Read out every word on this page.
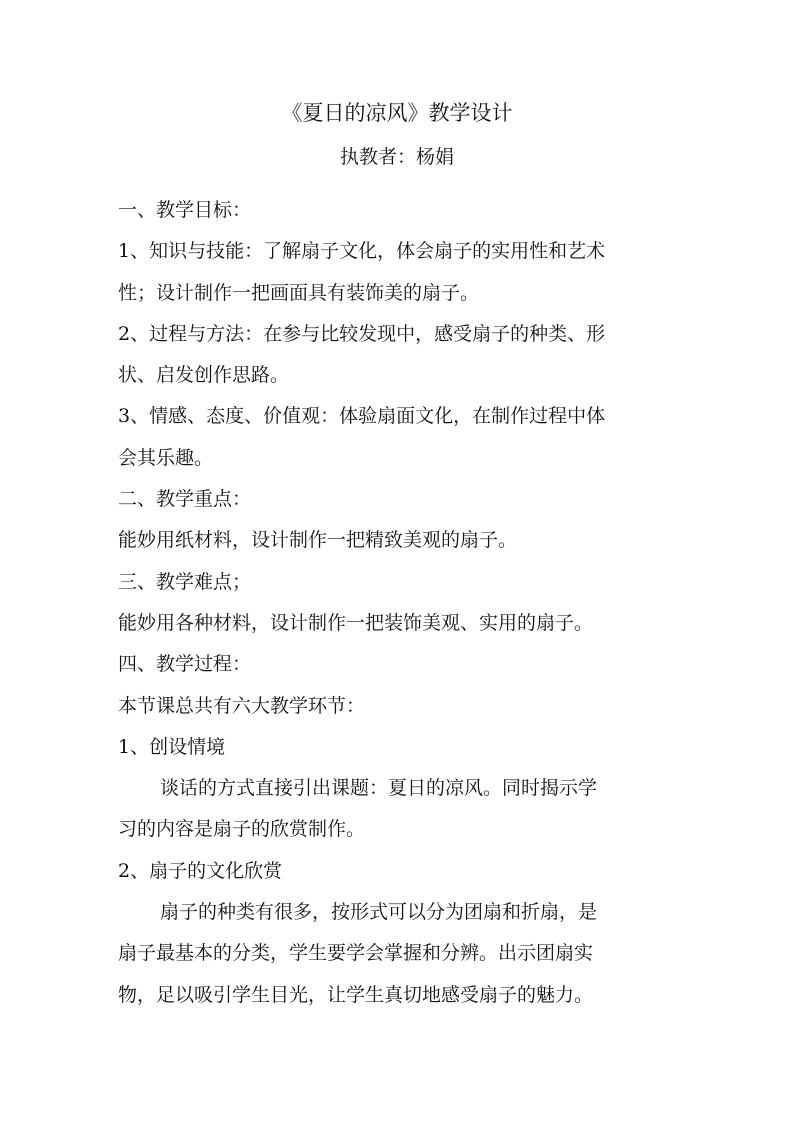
《夏日的凉风》教学设计
执教者：杨娟
一、教学目标：
1、知识与技能：了解扇子文化，体会扇子的实用性和艺术
性；设计制作一把画面具有装饰美的扇子。
2、过程与方法：在参与比较发现中，感受扇子的种类、形
状、启发创作思路。
3、情感、态度、价值观：体验扇面文化，在制作过程中体
会其乐趣。
二、教学重点：
能妙用纸材料，设计制作一把精致美观的扇子。
三、教学难点；
能妙用各种材料，设计制作一把装饰美观、实用的扇子。
四、教学过程：
本节课总共有六大教学环节：
1、创设情境
谈话的方式直接引出课题：夏日的凉风。同时揭示学
习的内容是扇子的欣赏制作。
2、扇子的文化欣赏
扇子的种类有很多，按形式可以分为团扇和折扇，是
扇子最基本的分类，学生要学会掌握和分辨。出示团扇实
物，足以吸引学生目光，让学生真切地感受扇子的魅力。
